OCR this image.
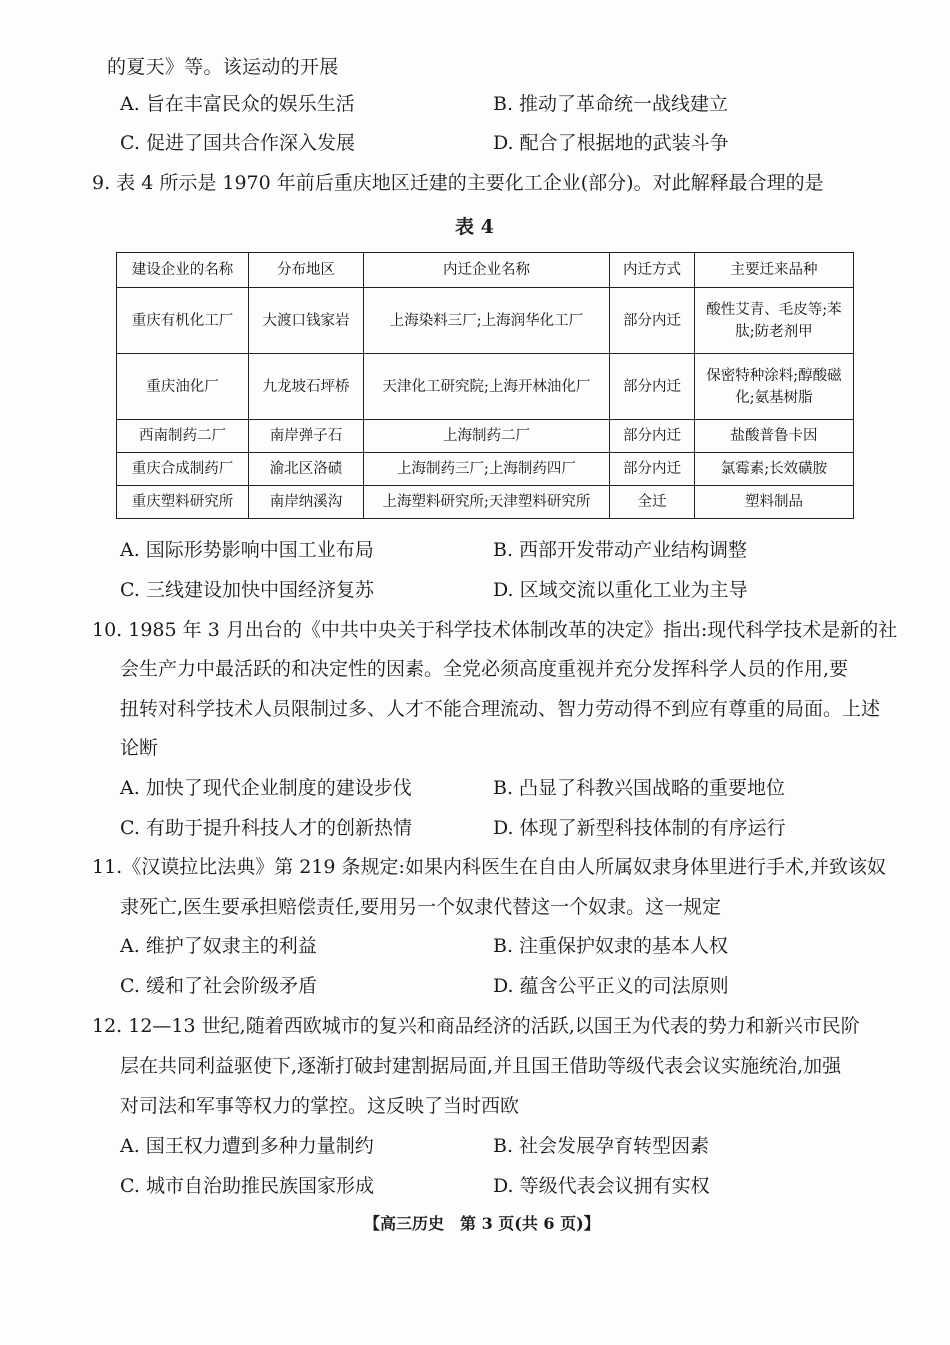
的夏天》等。该运动的开展
A. 旨在丰富民众的娱乐生活	B. 推动了革命统一战线建立
C. 促进了国共合作深入发展	D. 配合了根据地的武装斗争
9. 表 4 所示是 1970 年前后重庆地区迁建的主要化工企业(部分)。对此解释最合理的是
表 4
建设企业的名称	分布地区	内迁企业名称	内迁方式	主要迁来品种
重庆有机化工厂	大渡口钱家岩	上海染料三厂;上海润华化工厂	部分内迁	酸性艾青、毛皮等;苯肽;防老剂甲
重庆油化厂	九龙坡石坪桥	天津化工研究院;上海开林油化厂	部分内迁	保密特种涂料;醇酸磁化;氨基树脂
西南制药二厂	南岸弹子石	上海制药二厂	部分内迁	盐酸普鲁卡因
重庆合成制药厂	渝北区洛碛	上海制药三厂;上海制药四厂	部分内迁	氯霉素;长效磺胺
重庆塑料研究所	南岸纳溪沟	上海塑料研究所;天津塑料研究所	全迁	塑料制品
A. 国际形势影响中国工业布局	B. 西部开发带动产业结构调整
C. 三线建设加快中国经济复苏	D. 区域交流以重化工业为主导
10. 1985 年 3 月出台的《中共中央关于科学技术体制改革的决定》指出:现代科学技术是新的社
会生产力中最活跃的和决定性的因素。全党必须高度重视并充分发挥科学人员的作用,要
扭转对科学技术人员限制过多、人才不能合理流动、智力劳动得不到应有尊重的局面。上述
论断
A. 加快了现代企业制度的建设步伐	B. 凸显了科教兴国战略的重要地位
C. 有助于提升科技人才的创新热情	D. 体现了新型科技体制的有序运行
11.《汉谟拉比法典》第 219 条规定:如果内科医生在自由人所属奴隶身体里进行手术,并致该奴
隶死亡,医生要承担赔偿责任,要用另一个奴隶代替这一个奴隶。这一规定
A. 维护了奴隶主的利益	B. 注重保护奴隶的基本人权
C. 缓和了社会阶级矛盾	D. 蕴含公平正义的司法原则
12. 12—13 世纪,随着西欧城市的复兴和商品经济的活跃,以国王为代表的势力和新兴市民阶
层在共同利益驱使下,逐渐打破封建割据局面,并且国王借助等级代表会议实施统治,加强
对司法和军事等权力的掌控。这反映了当时西欧
A. 国王权力遭到多种力量制约	B. 社会发展孕育转型因素
C. 城市自治助推民族国家形成	D. 等级代表会议拥有实权
【高三历史　第 3 页(共 6 页)】
